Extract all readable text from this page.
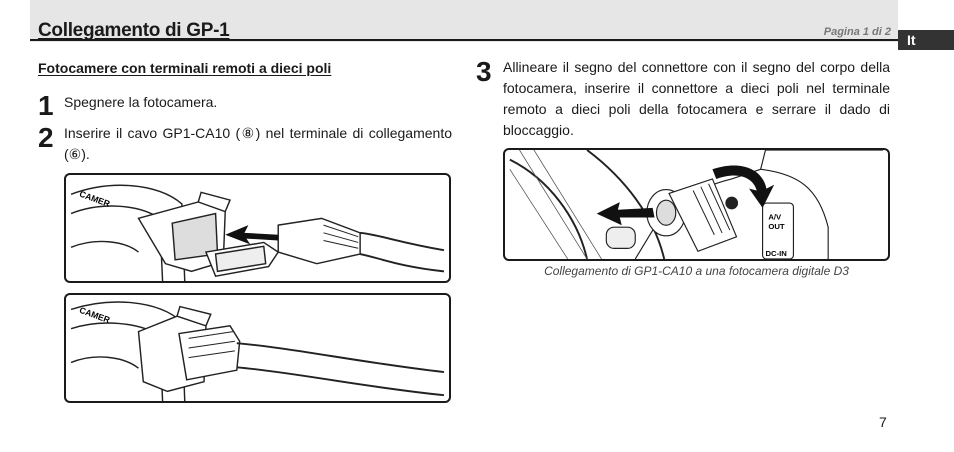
Collegamento di GP-1	Pagina 1 di 2	It
Fotocamere con terminali remoti a dieci poli
1 Spegnere la fotocamera.
2 Inserire il cavo GP1-CA10 (⑧) nel terminale di collegamento (⑥).
3 Allineare il segno del connettore con il segno del corpo della fotocamera, inserire il connettore a dieci poli nel terminale remoto a dieci poli della fotocamera e serrare il dado di bloccaggio.
CAMER
CAMER
A/V
OUT
DC-IN
Collegamento di GP1-CA10 a una fotocamera digitale D3
7
